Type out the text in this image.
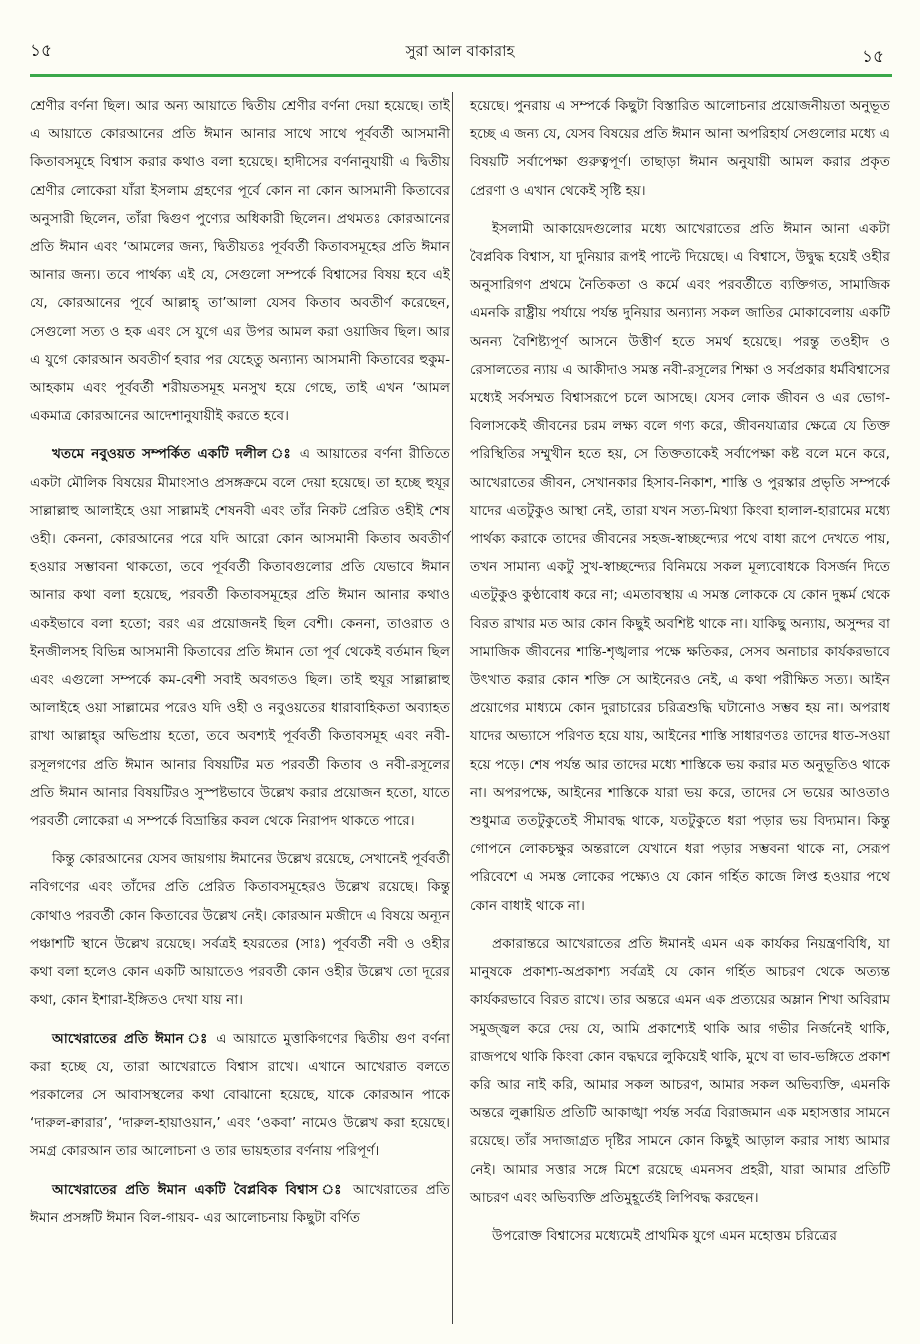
১৫	সুরা আল বাকারাহ	১৫

শ্রেণীর বর্ণনা ছিল। আর অন্য আয়াতে দ্বিতীয় শ্রেণীর বর্ণনা দেয়া হয়েছে। তাই এ আয়াতে কোরআনের প্রতি ঈমান আনার সাথে সাথে পূর্ববর্তী আসমানী কিতাবসমূহে বিশ্বাস করার কথাও বলা হয়েছে। হাদীসের বর্ণনানুযায়ী এ দ্বিতীয় শ্রেণীর লোকেরা যাঁরা ইসলাম গ্রহণের পূর্বে কোন না কোন আসমানী কিতাবের অনুসারী ছিলেন, তাঁরা দ্বিগুণ পুণ্যের অধিকারী ছিলেন। প্রথমতঃ কোরআনের প্রতি ঈমান এবং ‘আমলের জন্য, দ্বিতীয়তঃ পূর্ববর্তী কিতাবসমূহের প্রতি ঈমান আনার জন্য। তবে পার্থক্য এই যে, সেগুলো সম্পর্কে বিশ্বাসের বিষয় হবে এই যে, কোরআনের পূর্বে আল্লাহ্ তা’আলা যেসব কিতাব অবতীর্ণ করেছেন, সেগুলো সত্য ও হক এবং সে যুগে এর উপর আমল করা ওয়াজিব ছিল। আর এ যুগে কোরআন অবতীর্ণ হবার পর যেহেতু অন্যান্য আসমানী কিতাবের হুকুম-আহকাম এবং পূর্ববর্তী শরীয়তসমূহ মনসুখ হয়ে গেছে, তাই এখন ‘আমল একমাত্র কোরআনের আদেশানুযায়ীই করতে হবে।

খতমে নবুওয়ত সম্পর্কিত একটি দলীল ঃ এ আয়াতের বর্ণনা রীতিতে একটা মৌলিক বিষয়ের মীমাংসাও প্রসঙ্গক্রমে বলে দেয়া হয়েছে। তা হচ্ছে হুযূর সাল্লাল্লাহু আলাইহে ওয়া সাল্লামই শেষনবী এবং তাঁর নিকট প্রেরিত ওহীই শেষ ওহী। কেননা, কোরআনের পরে যদি আরো কোন আসমানী কিতাব অবতীর্ণ হওয়ার সম্ভাবনা থাকতো, তবে পূর্ববর্তী কিতাবগুলোর প্রতি যেভাবে ঈমান আনার কথা বলা হয়েছে, পরবর্তী কিতাবসমূহের প্রতি ঈমান আনার কথাও একইভাবে বলা হতো; বরং এর প্রয়োজনই ছিল বেশী। কেননা, তাওরাত ও ইনজীলসহ বিভিন্ন আসমানী কিতাবের প্রতি ঈমান তো পূর্ব থেকেই বর্তমান ছিল এবং এগুলো সম্পর্কে কম-বেশী সবাই অবগতও ছিল। তাই হুযূর সাল্লাল্লাহু আলাইহে ওয়া সাল্লামের পরেও যদি ওহী ও নবুওয়তের ধারাবাহিকতা অব্যাহত রাখা আল্লাহ্‌র অভিপ্রায় হতো, তবে অবশ্যই পূর্ববর্তী কিতাবসমূহ এবং নবী-রসূলগণের প্রতি ঈমান আনার বিষয়টির মত পরবর্তী কিতাব ও নবী-রসূলের প্রতি ঈমান আনার বিষয়টিরও সুস্পষ্টভাবে উল্লেখ করার প্রয়োজন হতো, যাতে পরবর্তী লোকেরা এ সম্পর্কে বিভ্রান্তির কবল থেকে নিরাপদ থাকতে পারে।

কিন্তু কোরআনের যেসব জায়গায় ঈমানের উল্লেখ রয়েছে, সেখানেই পূর্ববর্তী নবিগণের এবং তাঁদের প্রতি প্রেরিত কিতাবসমূহেরও উল্লেখ রয়েছে। কিন্তু কোথাও পরবর্তী কোন কিতাবের উল্লেখ নেই। কোরআন মজীদে এ বিষয়ে অন্যূন পঞ্চাশটি স্থানে উল্লেখ রয়েছে। সর্বত্রই হযরতের (সাঃ) পূর্ববর্তী নবী ও ওহীর কথা বলা হলেও কোন একটি আয়াতেও পরবর্তী কোন ওহীর উল্লেখ তো দূরের কথা, কোন ইশারা-ইঙ্গিতও দেখা যায় না।

আখেরাতের প্রতি ঈমান ঃ এ আয়াতে মুত্তাকিগণের দ্বিতীয় গুণ বর্ণনা করা হচ্ছে যে, তারা আখেরাতে বিশ্বাস রাখে। এখানে আখেরাত বলতে পরকালের সে আবাসস্থলের কথা বোঝানো হয়েছে, যাকে কোরআন পাকে ‘দারুল-ক্বারার’, ‘দারুল-হায়াওয়ান,’ এবং ‘ওকবা’ নামেও উল্লেখ করা হয়েছে। সমগ্র কোরআন তার আলোচনা ও তার ভায়হতার বর্ণনায় পরিপূর্ণ।

আখেরাতের প্রতি ঈমান একটি বৈপ্লবিক বিশ্বাস ঃ আখেরাতের প্রতি ঈমান প্রসঙ্গটি ঈমান বিল-গায়ব- এর আলোচনায় কিছুটা বর্ণিত

হয়েছে। পুনরায় এ সম্পর্কে কিছুটা বিস্তারিত আলোচনার প্রয়োজনীয়তা অনুভূত হচ্ছে এ জন্য যে, যেসব বিষয়ের প্রতি ঈমান আনা অপরিহার্য সেগুলোর মধ্যে এ বিষয়টি সর্বাপেক্ষা গুরুত্বপূর্ণ। তাছাড়া ঈমান অনুযায়ী আমল করার প্রকৃত প্রেরণা ও এখান থেকেই সৃষ্টি হয়।

ইসলামী আকায়েদগুলোর মধ্যে আখেরাতের প্রতি ঈমান আনা একটা বৈপ্লবিক বিশ্বাস, যা দুনিয়ার রূপই পাল্টে দিয়েছে। এ বিশ্বাসে, উদ্বুদ্ধ হয়েই ওহীর অনুসারিগণ প্রথমে নৈতিকতা ও কর্মে এবং পরবর্তীতে ব্যক্তিগত, সামাজিক এমনকি রাষ্ট্রীয় পর্যায়ে পর্যন্ত দুনিয়ার অন্যান্য সকল জাতির মোকাবেলায় একটি অনন্য বৈশিষ্ট্যপূর্ণ আসনে উত্তীর্ণ হতে সমর্থ হয়েছে। পরন্তু তওহীদ ও রেসালতের ন্যায় এ আকীদাও সমস্ত নবী-রসূলের শিক্ষা ও সর্বপ্রকার ধর্মবিশ্বাসের মধ্যেই সর্বসম্মত বিশ্বাসরূপে চলে আসছে। যেসব লোক জীবন ও এর ভোগ-বিলাসকেই জীবনের চরম লক্ষ্য বলে গণ্য করে, জীবনযাত্রার ক্ষেত্রে যে তিক্ত পরিস্থিতির সম্মুখীন হতে হয়, সে তিক্ততাকেই সর্বাপেক্ষা কষ্ট বলে মনে করে, আখেরাতের জীবন, সেখানকার হিসাব-নিকাশ, শাস্তি ও পুরস্কার প্রভৃতি সম্পর্কে যাদের এতটুকুও আস্থা নেই, তারা যখন সত্য-মিথ্যা কিংবা হালাল-হারামের মধ্যে পার্থক্য করাকে তাদের জীবনের সহজ-স্বাচ্ছন্দ্যের পথে বাধা রূপে দেখতে পায়, তখন সামান্য একটু সুখ-স্বাচ্ছন্দ্যের বিনিময়ে সকল মূল্যবোধকে বিসর্জন দিতে এতটুকুও কুণ্ঠাবোধ করে না; এমতাবস্থায় এ সমস্ত লোককে যে কোন দুষ্কর্ম থেকে বিরত রাখার মত আর কোন কিছুই অবশিষ্ট থাকে না। যাকিছু অন্যায়, অসুন্দর বা সামাজিক জীবনের শান্তি-শৃঙ্খলার পক্ষে ক্ষতিকর, সেসব অনাচার কার্যকরভাবে উৎখাত করার কোন শক্তি সে আইনেরও নেই, এ কথা পরীক্ষিত সত্য। আইন প্রয়োগের মাধ্যমে কোন দুরাচারের চরিত্রশুদ্ধি ঘটানোও সম্ভব হয় না। অপরাধ যাদের অভ্যাসে পরিণত হয়ে যায়, আইনের শাস্তি সাধারণতঃ তাদের ধাত-সওয়া হয়ে পড়ে। শেষ পর্যন্ত আর তাদের মধ্যে শাস্তিকে ভয় করার মত অনুভূতিও থাকে না। অপরপক্ষে, আইনের শাস্তিকে যারা ভয় করে, তাদের সে ভয়ের আওতাও শুধুমাত্র ততটুকুতেই সীমাবদ্ধ থাকে, যতটুকুতে ধরা পড়ার ভয় বিদ্যমান। কিন্তু গোপনে লোকচক্ষুর অন্তরালে যেখানে ধরা পড়ার সম্ভবনা থাকে না, সেরূপ পরিবেশে এ সমস্ত লোকের পক্ষ্যেও যে কোন গর্হিত কাজে লিপ্ত হওয়ার পথে কোন বাধাই থাকে না।

প্রকারান্তরে আখেরাতের প্রতি ঈমানই এমন এক কার্যকর নিয়ন্ত্রণবিধি, যা মানুষকে প্রকাশ্য-অপ্রকাশ্য সর্বত্রই যে কোন গর্হিত আচরণ থেকে অত্যন্ত কার্যকরভাবে বিরত রাখে। তার অন্তরে এমন এক প্রত্যয়ের অম্লান শিখা অবিরাম সমুজ্জ্বল করে দেয় যে, আমি প্রকাশ্যেই থাকি আর গভীর নির্জনেই থাকি, রাজপথে থাকি কিংবা কোন বদ্ধঘরে লুকিয়েই থাকি, মুখে বা ভাব-ভঙ্গিতে প্রকাশ করি আর নাই করি, আমার সকল আচরণ, আমার সকল অভিব্যক্তি, এমনকি অন্তরে লুক্কায়িত প্রতিটি আকাঙ্খা পর্যন্ত সর্বত্র বিরাজমান এক মহাসত্তার সামনে রয়েছে। তাঁর সদাজাগ্রত দৃষ্টির সামনে কোন কিছুই আড়াল করার সাধ্য আমার নেই। আমার সত্তার সঙ্গে মিশে রয়েছে এমনসব প্রহরী, যারা আমার প্রতিটি আচরণ এবং অভিব্যক্তি প্রতিমুহূর্তেই লিপিবদ্ধ করছেন।

উপরোক্ত বিশ্বাসের মধ্যেমেই প্রাথমিক যুগে এমন মহোত্তম চরিত্রের
